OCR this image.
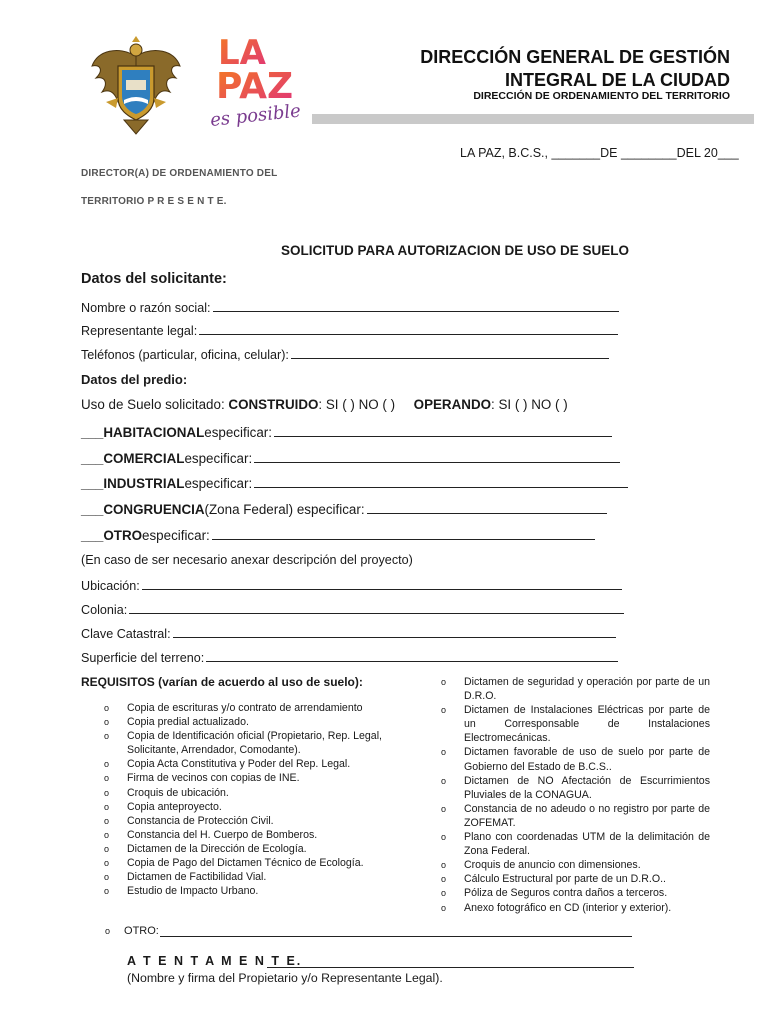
LA
PAZ
es posible
DIRECCIÓN GENERAL DE GESTIÓN
INTEGRAL DE LA CIUDAD
DIRECCIÓN DE ORDENAMIENTO DEL TERRITORIO
LA PAZ, B.C.S., _______DE ________DEL 20___
DIRECTOR(A) DE ORDENAMIENTO DEL
TERRITORIO P R E S E N T E.
SOLICITUD PARA AUTORIZACION DE USO DE SUELO
Datos del solicitante:
Nombre o razón social:
Representante legal:
Teléfonos (particular, oficina, celular):
Datos del predio:
Uso de Suelo solicitado:
CONSTRUIDO : SI ( ) NO ( )
OPERANDO : SI ( ) NO ( )
___ HABITACIONAL especificar:
___ COMERCIAL especificar:
___ INDUSTRIAL especificar:
___ CONGRUENCIA (Zona Federal) especificar:
___ OTRO especificar:
(En caso de ser necesario anexar descripción del proyecto)
Ubicación:
Colonia:
Clave Catastral:
Superficie del terreno:
REQUISITOS (varían de acuerdo al uso de suelo):
o Copia de escrituras y/o contrato de arrendamiento
o Copia predial actualizado.
o Copia de Identificación oficial (Propietario, Rep. Legal, Solicitante, Arrendador, Comodante).
o Copia Acta Constitutiva y Poder del Rep. Legal.
o Firma de vecinos con copias de INE.
o Croquis de ubicación.
o Copia anteproyecto.
o Constancia de Protección Civil.
o Constancia del H. Cuerpo de Bomberos.
o Dictamen de la Dirección de Ecología.
o Copia de Pago del Dictamen Técnico de Ecología.
o Dictamen de Factibilidad Vial.
o Estudio de Impacto Urbano.
o Dictamen de seguridad y operación por parte de un D.R.O.
o Dictamen de Instalaciones Eléctricas por parte de un Corresponsable de Instalaciones Electromecánicas.
o Dictamen favorable de uso de suelo por parte de Gobierno del Estado de B.C.S..
o Dictamen de NO Afectación de Escurrimientos Pluviales de la CONAGUA.
o Constancia de no adeudo o no registro por parte de ZOFEMAT.
o Plano con coordenadas UTM de la delimitación de Zona Federal.
o Croquis de anuncio con dimensiones.
o Cálculo Estructural por parte de un D.R.O..
o Póliza de Seguros contra daños a terceros.
o Anexo fotográfico en CD (interior y exterior).
o OTRO:
A T E N T A M E N T E.
(Nombre y firma del Propietario y/o Representante Legal).
